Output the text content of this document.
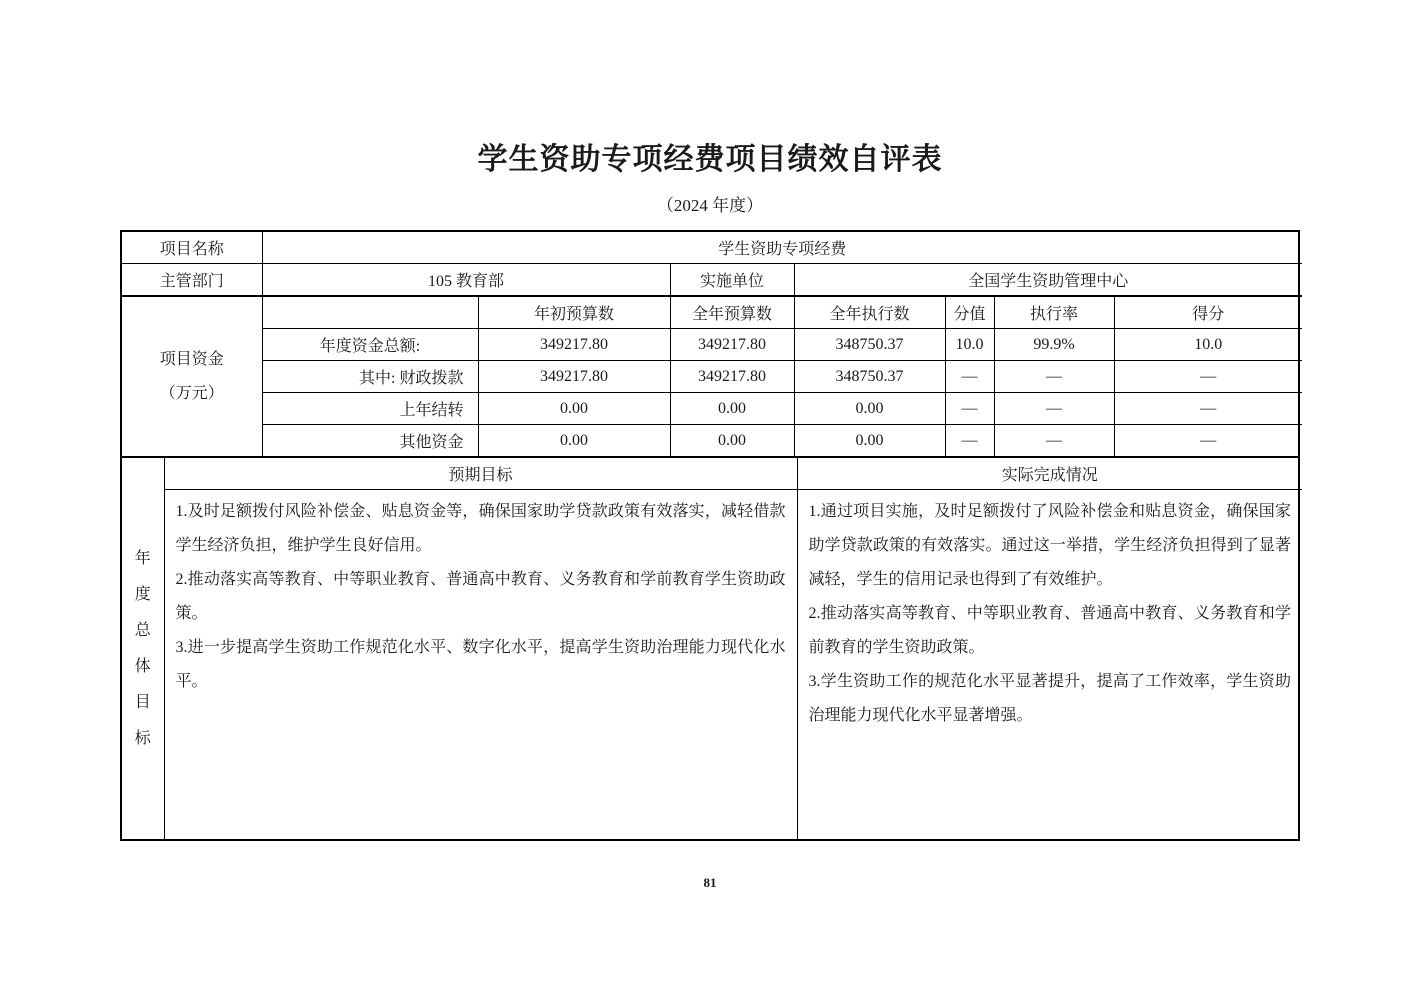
学生资助专项经费项目绩效自评表
（2024 年度）
项目名称	学生资助专项经费						
主管部门	105 教育部		实施单位	全国学生资助管理中心			

项目资金
（万元）		年初预算数	全年预算数	全年执行数	分值	执行率	得分
	年度资金总额:	349217.80	349217.80	348750.37	10.0	99.9%	10.0
	其中: 财政拨款	349217.80	349217.80	348750.37	—	—	—
	上年结转	0.00	0.00	0.00	—	—	—
	其他资金	0.00	0.00	0.00	—	—	—
年度总体目标	预期目标	实际完成情况

1.及时足额拨付风险补偿金、贴息资金等，确保国家助学贷款政策有效落实，减轻借款学生经济负担，维护学生良好信用。
2.推动落实高等教育、中等职业教育、普通高中教育、义务教育和学前教育学生资助政策。
3.进一步提高学生资助工作规范化水平、数字化水平，提高学生资助治理能力现代化水平。

1.通过项目实施，及时足额拨付了风险补偿金和贴息资金，确保国家助学贷款政策的有效落实。通过这一举措，学生经济负担得到了显著减轻，学生的信用记录也得到了有效维护。
2.推动落实高等教育、中等职业教育、普通高中教育、义务教育和学前教育的学生资助政策。
3.学生资助工作的规范化水平显著提升，提高了工作效率，学生资助治理能力现代化水平显著增强。
81
